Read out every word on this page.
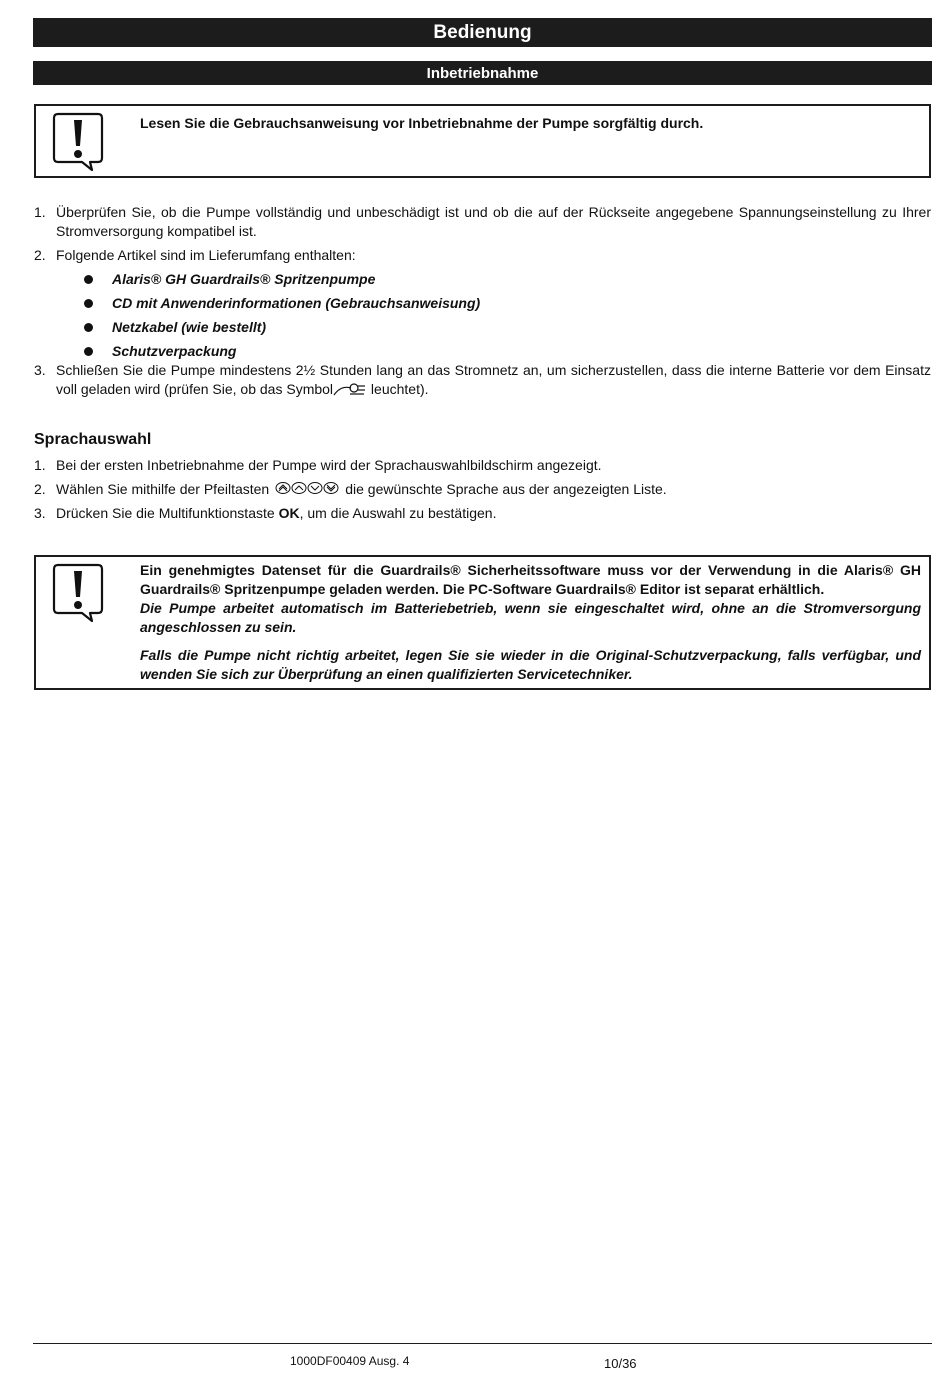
Bedienung
Inbetriebnahme

Lesen Sie die Gebrauchsanweisung vor Inbetriebnahme der Pumpe sorgfältig durch.

1. Überprüfen Sie, ob die Pumpe vollständig und unbeschädigt ist und ob die auf der Rückseite angegebene Spannungseinstellung zu Ihrer Stromversorgung kompatibel ist.
2. Folgende Artikel sind im Lieferumfang enthalten:
Alaris® GH Guardrails® Spritzenpumpe
CD mit Anwenderinformationen (Gebrauchsanweisung)
Netzkabel (wie bestellt)
Schutzverpackung
3. Schließen Sie die Pumpe mindestens 2½ Stunden lang an das Stromnetz an, um sicherzustellen, dass die interne Batterie vor dem Einsatz voll geladen wird (prüfen Sie, ob das Symbol leuchtet).
Sprachauswahl
1. Bei der ersten Inbetriebnahme der Pumpe wird der Sprachauswahlbildschirm angezeigt.
2. Wählen Sie mithilfe der Pfeiltasten	die gewünschte Sprache aus der angezeigten Liste.
3. Drücken Sie die Multifunktionstaste OK, um die Auswahl zu bestätigen.

Ein genehmigtes Datenset für die Guardrails® Sicherheitssoftware muss vor der Verwendung in die Alaris® GH Guardrails® Spritzenpumpe geladen werden. Die PC-Software Guardrails® Editor ist separat erhältlich.

Die Pumpe arbeitet automatisch im Batteriebetrieb, wenn sie eingeschaltet wird, ohne an die Stromversorgung angeschlossen zu sein.

Falls die Pumpe nicht richtig arbeitet, legen Sie sie wieder in die Original-Schutzverpackung, falls verfügbar, und wenden Sie sich zur Überprüfung an einen qualifizierten Servicetechniker.

1000DF00409 Ausg. 4	10/36
